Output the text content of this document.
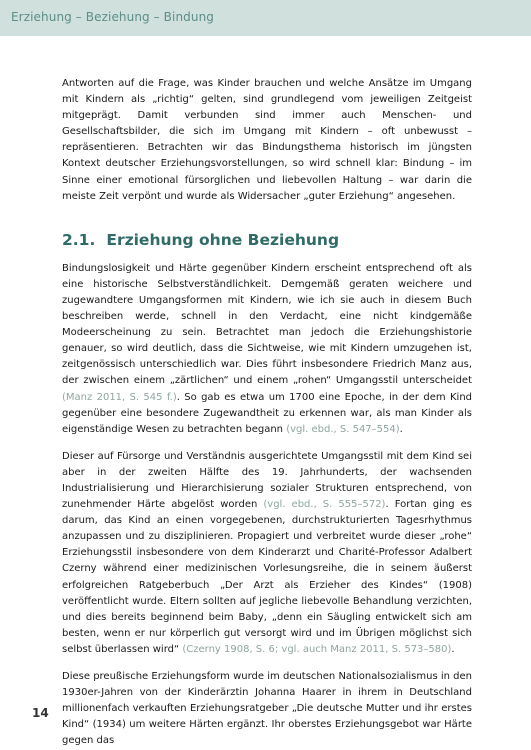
Erziehung – Beziehung – Bindung

Antworten auf die Frage, was Kinder brauchen und welche Ansätze im Umgang mit Kindern als „richtig“ gelten, sind grundlegend vom jeweiligen Zeitgeist mitgeprägt. Damit verbunden sind immer auch Menschen- und Gesellschaftsbilder, die sich im Umgang mit Kindern – oft unbewusst – repräsentieren. Betrachten wir das Bindungsthema historisch im jüngsten Kontext deutscher Erziehungsvorstellungen, so wird schnell klar: Bindung – im Sinne einer emotional fürsorglichen und liebevollen Haltung – war darin die meiste Zeit verpönt und wurde als Widersacher „guter Erziehung“ angesehen.

2.1. Erziehung ohne Beziehung

Bindungslosigkeit und Härte gegenüber Kindern erscheint entsprechend oft als eine historische Selbstverständlichkeit. Demgemäß geraten weichere und zugewandtere Umgangsformen mit Kindern, wie ich sie auch in diesem Buch beschreiben werde, schnell in den Verdacht, eine nicht kindgemäße Modeerscheinung zu sein. Betrachtet man jedoch die Erziehungshistorie genauer, so wird deutlich, dass die Sichtweise, wie mit Kindern umzugehen ist, zeitgenössisch unterschiedlich war. Dies führt insbesondere Friedrich Manz aus, der zwischen einem „zärtlichen“ und einem „rohen“ Umgangsstil unterscheidet (Manz 2011, S. 545 f.). So gab es etwa um 1700 eine Epoche, in der dem Kind gegenüber eine besondere Zugewandtheit zu erkennen war, als man Kinder als eigenständige Wesen zu betrachten begann (vgl. ebd., S. 547–554).

Dieser auf Fürsorge und Verständnis ausgerichtete Umgangsstil mit dem Kind sei aber in der zweiten Hälfte des 19. Jahrhunderts, der wachsenden Industrialisierung und Hierarchisierung sozialer Strukturen entsprechend, von zunehmender Härte abgelöst worden (vgl. ebd., S. 555–572). Fortan ging es darum, das Kind an einen vorgegebenen, durchstrukturierten Tagesrhythmus anzupassen und zu disziplinieren. Propagiert und verbreitet wurde dieser „rohe“ Erziehungsstil insbesondere von dem Kinderarzt und Charité-Professor Adalbert Czerny während einer medizinischen Vorlesungsreihe, die in seinem äußerst erfolgreichen Ratgeberbuch „Der Arzt als Erzieher des Kindes“ (1908) veröffentlicht wurde. Eltern sollten auf jegliche liebevolle Behandlung verzichten, und dies bereits beginnend beim Baby, „denn ein Säugling entwickelt sich am besten, wenn er nur körperlich gut versorgt wird und im Übrigen möglichst sich selbst überlassen wird“ (Czerny 1908, S. 6; vgl. auch Manz 2011, S. 573–580).

Diese preußische Erziehungsform wurde im deutschen Nationalsozialismus in den 1930er-Jahren von der Kinderärztin Johanna Haarer in ihrem in Deutschland millionenfach verkauften Erziehungsratgeber „Die deutsche Mutter und ihr erstes Kind“ (1934) um weitere Härten ergänzt. Ihr oberstes Erziehungsgebot war Härte gegen das

14
